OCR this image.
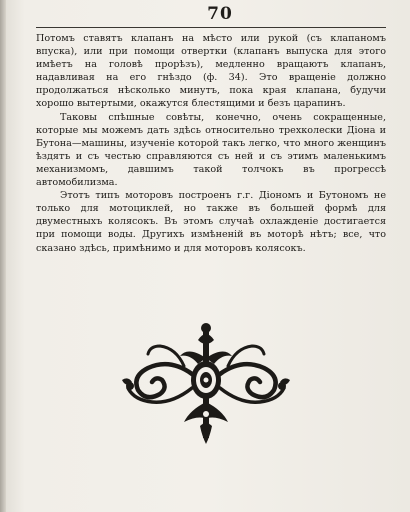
70

Потомъ ставятъ клапанъ на мѣсто или рукой (съ клапаномъ впуска), или при помощи отвертки (клапанъ выпуска для этого имѣетъ на головѣ прорѣзъ), медленно вращаютъ клапанъ, надавливая на его гнѣздо (ф. 34). Это вращеніе должно продолжаться нѣсколько минутъ, пока края клапана, будучи хорошо вытертыми, окажутся блестящими и безъ царапинъ.

Таковы спѣшные совѣты, конечно, очень сокращенные, которые мы можемъ дать здѣсь относительно трехколески Діона и Бутона—машины, изученіе которой такъ легко, что много женщинъ ѣздятъ и съ честью справляются съ ней и съ этимъ маленькимъ механизмомъ, давшимъ такой толчокъ въ прогрессѣ автомобилизма.

Этотъ типъ моторовъ построенъ г.г. Діономъ и Бутономъ не только для мотоциклей, но также въ большей формѣ для двуместныхъ колясокъ. Въ этомъ случаѣ охлажденіе достигается при помощи воды. Другихъ измѣненій въ моторѣ нѣтъ; все, что сказано здѣсь, примѣнимо и для моторовъ колясокъ.
